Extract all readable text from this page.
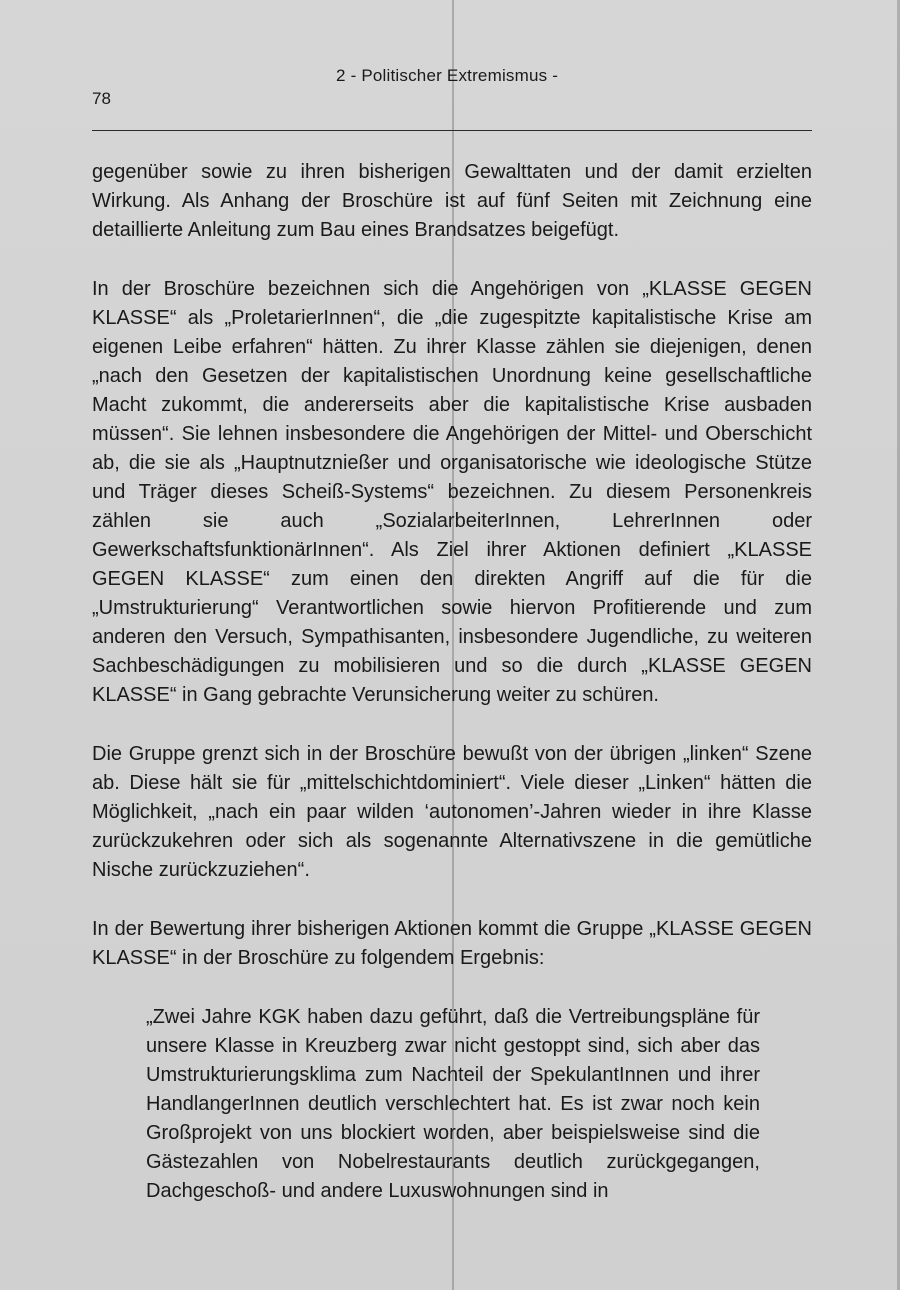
78
2 - Politischer Extremismus -

gegenüber sowie zu ihren bisherigen Gewalttaten und der damit erzielten Wirkung. Als Anhang der Broschüre ist auf fünf Seiten mit Zeichnung eine detaillierte Anleitung zum Bau eines Brandsatzes beigefügt.

In der Broschüre bezeichnen sich die Angehörigen von „KLASSE GEGEN KLASSE“ als „ProletarierInnen“, die „die zugespitzte kapitalistische Krise am eigenen Leibe erfahren“ hätten. Zu ihrer Klasse zählen sie diejenigen, denen „nach den Gesetzen der kapitalistischen Unordnung keine gesellschaftliche Macht zukommt, die andererseits aber die kapitalistische Krise ausbaden müssen“. Sie lehnen insbesondere die Angehörigen der Mittel- und Oberschicht ab, die sie als „Hauptnutznießer und organisatorische wie ideologische Stütze und Träger dieses Scheiß-Systems“ bezeichnen. Zu diesem Personenkreis zählen sie auch „SozialarbeiterInnen, LehrerInnen oder GewerkschaftsfunktionärInnen“. Als Ziel ihrer Aktionen definiert „KLASSE GEGEN KLASSE“ zum einen den direkten Angriff auf die für die „Umstrukturierung“ Verantwortlichen sowie hiervon Profitierende und zum anderen den Versuch, Sympathisanten, insbesondere Jugendliche, zu weiteren Sachbeschädigungen zu mobilisieren und so die durch „KLASSE GEGEN KLASSE“ in Gang gebrachte Verunsicherung weiter zu schüren.

Die Gruppe grenzt sich in der Broschüre bewußt von der übrigen „linken“ Szene ab. Diese hält sie für „mittelschichtdominiert“. Viele dieser „Linken“ hätten die Möglichkeit, „nach ein paar wilden ‘autonomen’-Jahren wieder in ihre Klasse zurückzukehren oder sich als sogenannte Alternativszene in die gemütliche Nische zurückzuziehen“.

In der Bewertung ihrer bisherigen Aktionen kommt die Gruppe „KLASSE GEGEN KLASSE“ in der Broschüre zu folgendem Ergebnis:

„Zwei Jahre KGK haben dazu geführt, daß die Vertreibungspläne für unsere Klasse in Kreuzberg zwar nicht gestoppt sind, sich aber das Umstrukturierungsklima zum Nachteil der SpekulantInnen und ihrer HandlangerInnen deutlich verschlechtert hat. Es ist zwar noch kein Großprojekt von uns blockiert worden, aber beispielsweise sind die Gästezahlen von Nobelrestaurants deutlich zurückgegangen, Dachgeschoß- und andere Luxuswohnungen sind in
